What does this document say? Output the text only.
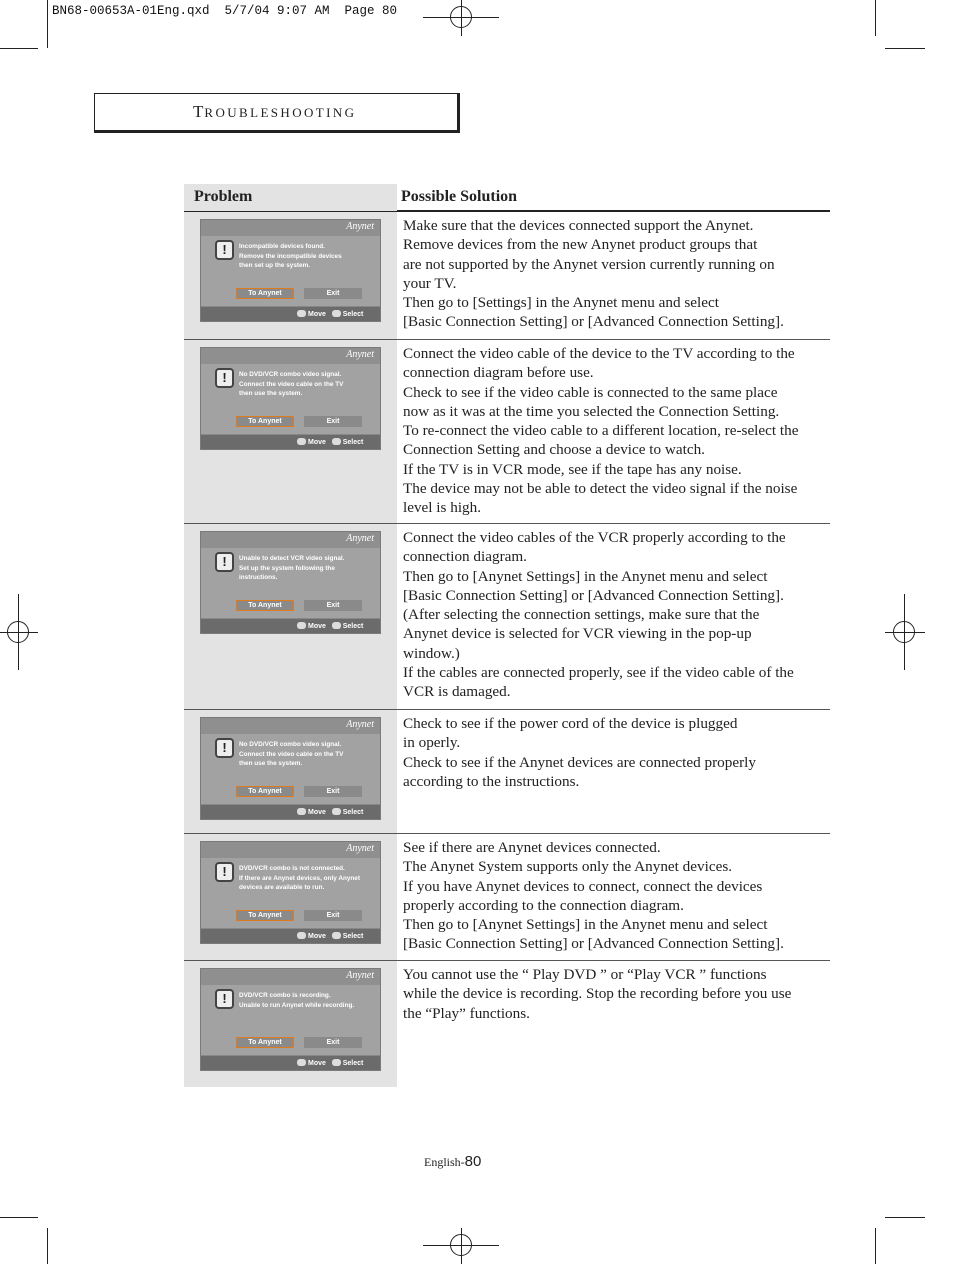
BN68-00653A-01Eng.qxd  5/7/04 9:07 AM  Page 80
TROUBLESHOOTING
Problem	Possible Solution
Anynet
!	Incompatible devices found.
Remove the incompatible devices
then set up the system.
To Anynet	Exit
Move Select
Make sure that the devices connected support the Anynet.
Remove devices from the new Anynet product groups that
are not supported by the Anynet version currently running on
your TV.
Then go to [Settings] in the Anynet menu and select
[Basic Connection Setting] or [Advanced Connection Setting].
Anynet
!	No DVD/VCR combo video signal.
Connect the video cable on the TV
then use the system.
To Anynet	Exit
Move Select
Connect the video cable of the device to the TV according to the
connection diagram before use.
Check to see if the video cable is connected to the same place
now as it was at the time you selected the Connection Setting.
To re-connect the video cable to a different location, re-select the
Connection Setting and choose a device to watch.
If the TV is in VCR mode, see if the tape has any noise.
The device may not be able to detect the video signal if the noise
level is high.
Anynet
!	Unable to detect VCR video signal.
Set up the system following the
instructions.
To Anynet	Exit
Move Select
Connect the video cables of the VCR properly according to the
connection diagram.
Then go to [Anynet Settings] in the Anynet menu and select
[Basic Connection Setting] or [Advanced Connection Setting].
(After selecting the connection settings, make sure that the
Anynet device is selected for VCR viewing in the pop-up
window.)
If the cables are connected properly, see if the video cable of the
VCR is damaged.
Anynet
!	No DVD/VCR combo video signal.
Connect the video cable on the TV
then use the system.
To Anynet	Exit
Move Select
Check to see if the power cord of the device is plugged
in operly.
Check to see if the Anynet devices are connected properly
according to the instructions.
Anynet
!	DVD/VCR combo is not connected.
If there are Anynet devices, only Anynet
devices are available to run.
To Anynet	Exit
Move Select
See if there are Anynet devices connected.
The Anynet System supports only the Anynet devices.
If you have Anynet devices to connect, connect the devices
properly according to the connection diagram.
Then go to [Anynet Settings] in the Anynet menu and select
[Basic Connection Setting] or [Advanced Connection Setting].
Anynet
!	DVD/VCR combo is recording.
Unable to run Anynet while recording.
To Anynet	Exit
Move Select
You cannot use the “ Play DVD ” or “Play VCR ” functions
while the device is recording. Stop the recording before you use
the “Play” functions.
English-80
